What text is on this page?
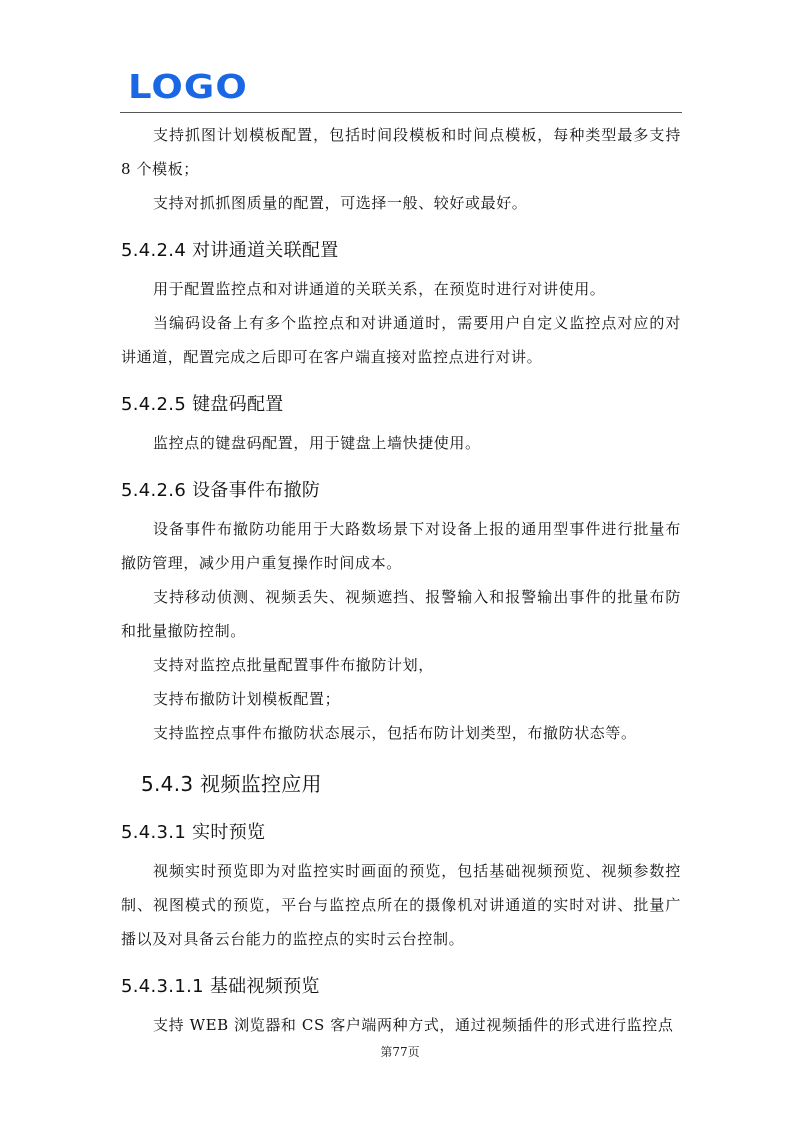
LOGO

支持抓图计划模板配置，包括时间段模板和时间点模板，每种类型最多支持 8 个模板；

支持对抓抓图质量的配置，可选择一般、较好或最好。

5.4.2.4 对讲通道关联配置

用于配置监控点和对讲通道的关联关系，在预览时进行对讲使用。

当编码设备上有多个监控点和对讲通道时，需要用户自定义监控点对应的对讲通道，配置完成之后即可在客户端直接对监控点进行对讲。

5.4.2.5 键盘码配置

监控点的键盘码配置，用于键盘上墙快捷使用。

5.4.2.6 设备事件布撤防

设备事件布撤防功能用于大路数场景下对设备上报的通用型事件进行批量布撤防管理，减少用户重复操作时间成本。

支持移动侦测、视频丢失、视频遮挡、报警输入和报警输出事件的批量布防和批量撤防控制。

支持对监控点批量配置事件布撤防计划，

支持布撤防计划模板配置；

支持监控点事件布撤防状态展示，包括布防计划类型，布撤防状态等。

5.4.3 视频监控应用
5.4.3.1 实时预览

视频实时预览即为对监控实时画面的预览，包括基础视频预览、视频参数控制、视图模式的预览，平台与监控点所在的摄像机对讲通道的实时对讲、批量广播以及对具备云台能力的监控点的实时云台控制。

5.4.3.1.1 基础视频预览

支持 WEB 浏览器和 CS 客户端两种方式，通过视频插件的形式进行监控点

第77页
